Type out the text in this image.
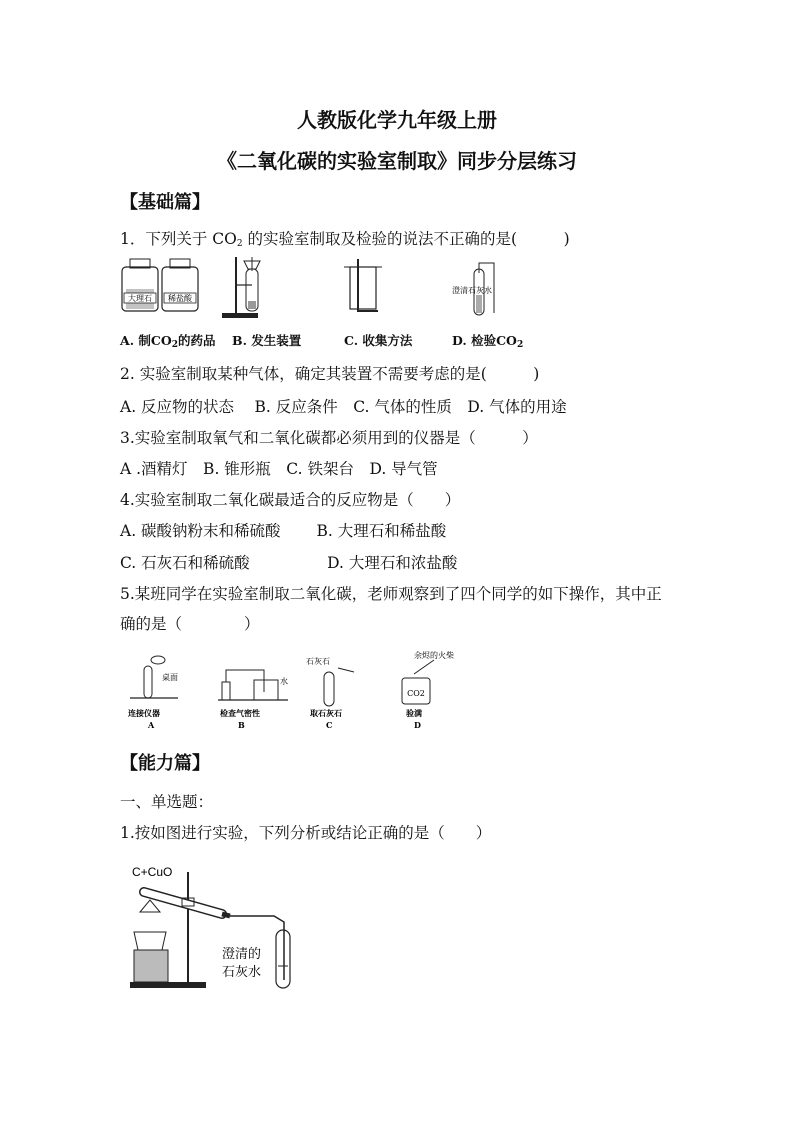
人教版化学九年级上册
《二氧化碳的实验室制取》同步分层练习
【基础篇】
1．下列关于 $CO_2$ 的实验室制取及检验的说法不正确的是(　　　)
大理石 稀盐酸
澄清石灰水
A. 制$CO_2$的药品 B. 发生装置	C. 收集方法	D. 检验$CO_2$
2. 实验室制取某种气体，确定其装置不需要考虑的是(　　　)
A. 反应物的状态　 B. 反应条件　C. 气体的性质　D. 气体的用途
3.实验室制取氧气和二氧化碳都必须用到的仪器是（　　　）
A .酒精灯　B. 锥形瓶　C. 铁架台　D. 导气管
4.实验室制取二氧化碳最适合的反应物是（　　）
A. 碳酸钠粉末和稀硫酸　　 B. 大理石和稀盐酸
C. 石灰石和稀硫酸　　　　　D. 大理石和浓盐酸
5.某班同学在实验室制取二氧化碳，老师观察到了四个同学的如下操作，其中正
确的是（　　　　）
桌面
连接仪器
A
水
检查气密性
B
石灰石
取石灰石
C
余烬的火柴
CO2
验满
D
【能力篇】
一、单选题：
1.按如图进行实验，下列分析或结论正确的是（　　）
C+CuO
澄清的
石灰水
